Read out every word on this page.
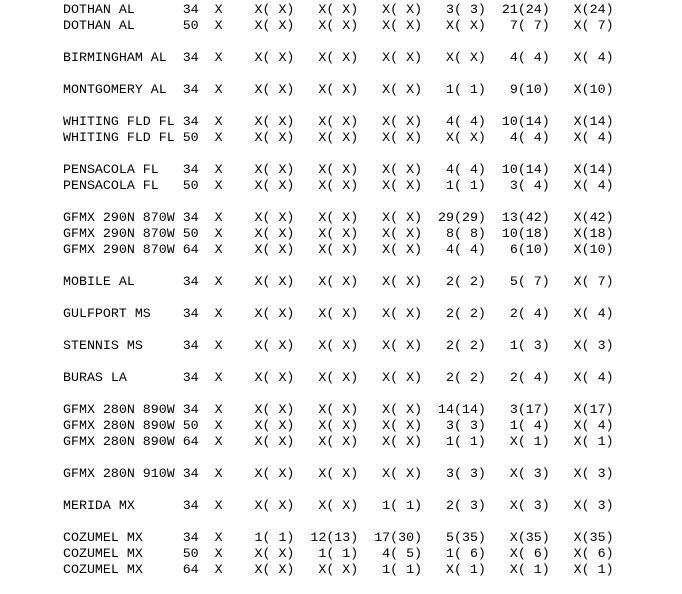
DOTHAN AL      34  X    X( X)   X( X)   X( X)   3( 3)  21(24)   X(24)
DOTHAN AL      50  X    X( X)   X( X)   X( X)   X( X)   7( 7)   X( 7)
BIRMINGHAM AL  34  X    X( X)   X( X)   X( X)   X( X)   4( 4)   X( 4)
MONTGOMERY AL  34  X    X( X)   X( X)   X( X)   1( 1)   9(10)   X(10)
WHITING FLD FL 34  X    X( X)   X( X)   X( X)   4( 4)  10(14)   X(14)
WHITING FLD FL 50  X    X( X)   X( X)   X( X)   X( X)   4( 4)   X( 4)
PENSACOLA FL   34  X    X( X)   X( X)   X( X)   4( 4)  10(14)   X(14)
PENSACOLA FL   50  X    X( X)   X( X)   X( X)   1( 1)   3( 4)   X( 4)
GFMX 290N 870W 34  X    X( X)   X( X)   X( X)  29(29)  13(42)   X(42)
GFMX 290N 870W 50  X    X( X)   X( X)   X( X)   8( 8)  10(18)   X(18)
GFMX 290N 870W 64  X    X( X)   X( X)   X( X)   4( 4)   6(10)   X(10)
MOBILE AL      34  X    X( X)   X( X)   X( X)   2( 2)   5( 7)   X( 7)
GULFPORT MS    34  X    X( X)   X( X)   X( X)   2( 2)   2( 4)   X( 4)
STENNIS MS     34  X    X( X)   X( X)   X( X)   2( 2)   1( 3)   X( 3)
BURAS LA       34  X    X( X)   X( X)   X( X)   2( 2)   2( 4)   X( 4)
GFMX 280N 890W 34  X    X( X)   X( X)   X( X)  14(14)   3(17)   X(17)
GFMX 280N 890W 50  X    X( X)   X( X)   X( X)   3( 3)   1( 4)   X( 4)
GFMX 280N 890W 64  X    X( X)   X( X)   X( X)   1( 1)   X( 1)   X( 1)
GFMX 280N 910W 34  X    X( X)   X( X)   X( X)   3( 3)   X( 3)   X( 3)
MERIDA MX      34  X    X( X)   X( X)   1( 1)   2( 3)   X( 3)   X( 3)
COZUMEL MX     34  X    1( 1)  12(13)  17(30)   5(35)   X(35)   X(35)
COZUMEL MX     50  X    X( X)   1( 1)   4( 5)   1( 6)   X( 6)   X( 6)
COZUMEL MX     64  X    X( X)   X( X)   1( 1)   X( 1)   X( 1)   X( 1)
